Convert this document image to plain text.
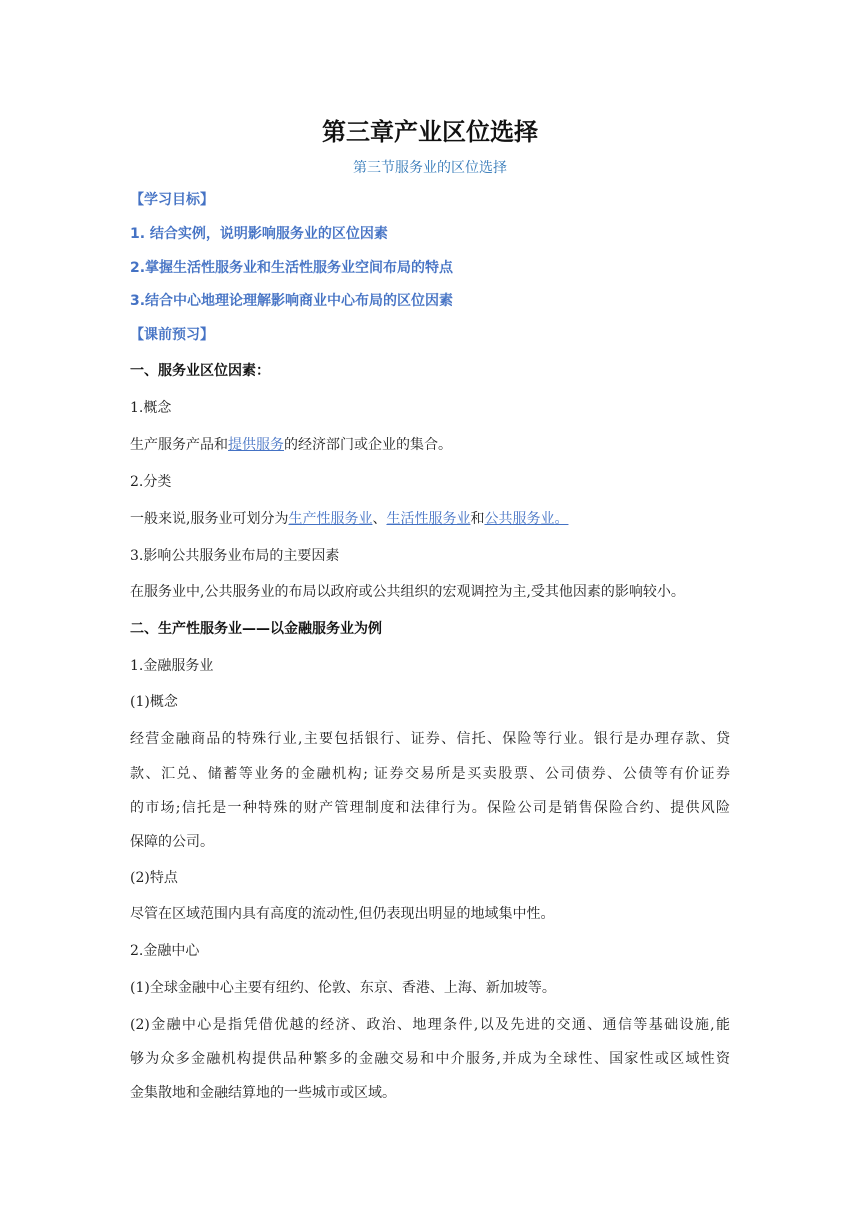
第三章产业区位选择
第三节服务业的区位选择
【学习目标】
1. 结合实例，说明影响服务业的区位因素
2.掌握生活性服务业和生活性服务业空间布局的特点
3.结合中心地理论理解影响商业中心布局的区位因素
【课前预习】
一、服务业区位因素：
1.概念
生产服务产品和提供服务的经济部门或企业的集合。
2.分类
一般来说,服务业可划分为生产性服务业、生活性服务业和公共服务业。
3.影响公共服务业布局的主要因素
在服务业中,公共服务业的布局以政府或公共组织的宏观调控为主,受其他因素的影响较小。
二、生产性服务业——以金融服务业为例
1.金融服务业
(1)概念
经营金融商品的特殊行业,主要包括银行、证券、信托、保险等行业。银行是办理存款、贷
款、汇兑、储蓄等业务的金融机构; 证券交易所是买卖股票、公司债券、公债等有价证券
的市场;信托是一种特殊的财产管理制度和法律行为。保险公司是销售保险合约、提供风险
保障的公司。
(2)特点
尽管在区域范围内具有高度的流动性,但仍表现出明显的地域集中性。
2.金融中心
(1)全球金融中心主要有纽约、伦敦、东京、香港、上海、新加坡等。
(2)金融中心是指凭借优越的经济、政治、地理条件,以及先进的交通、通信等基础设施,能
够为众多金融机构提供品种繁多的金融交易和中介服务,并成为全球性、国家性或区域性资
金集散地和金融结算地的一些城市或区域。
